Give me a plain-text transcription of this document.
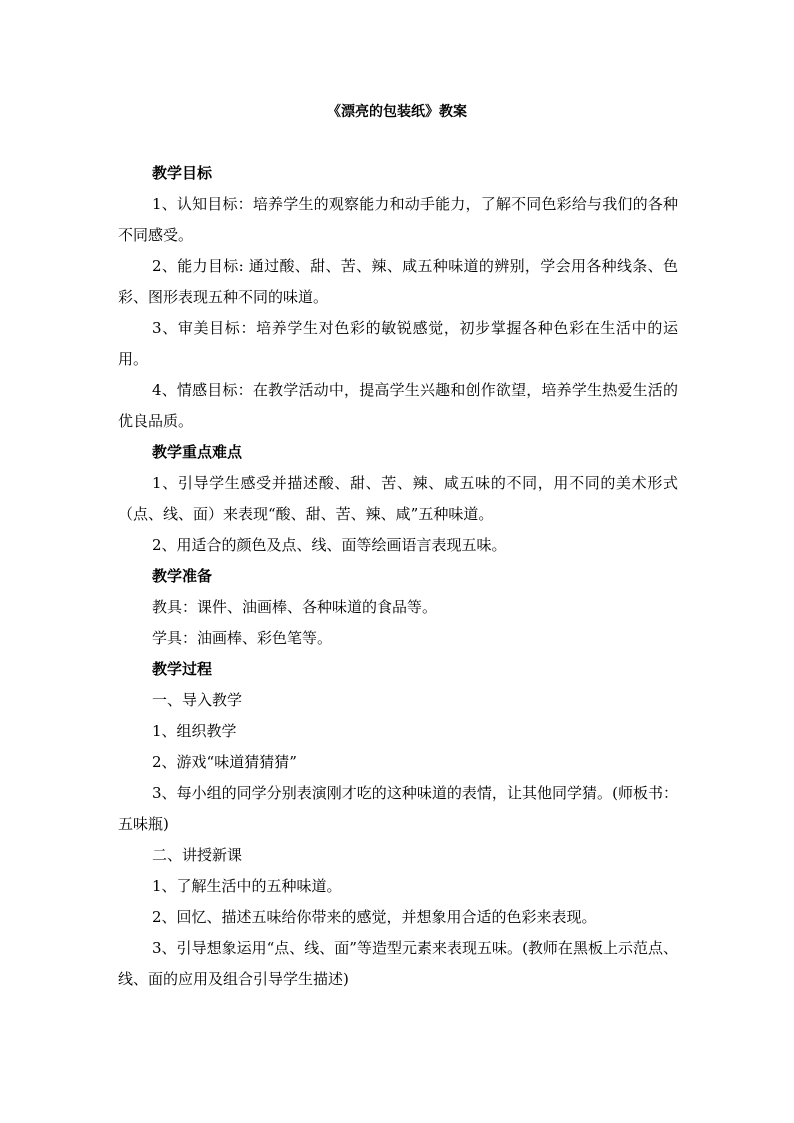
《漂亮的包装纸》教案

教学目标

1、认知目标：培养学生的观察能力和动手能力，了解不同色彩给与我们的各种不同感受。

2、能力目标: 通过酸、甜、苦、辣、咸五种味道的辨别，学会用各种线条、色彩、图形表现五种不同的味道。

3、审美目标：培养学生对色彩的敏锐感觉，初步掌握各种色彩在生活中的运用。

4、情感目标：在教学活动中，提高学生兴趣和创作欲望，培养学生热爱生活的优良品质。

教学重点难点

1、引导学生感受并描述酸、甜、苦、辣、咸五味的不同，用不同的美术形式（点、线、面）来表现“酸、甜、苦、辣、咸”五种味道。

2、用适合的颜色及点、线、面等绘画语言表现五味。

教学准备

教具：课件、油画棒、各种味道的食品等。

学具：油画棒、彩色笔等。

教学过程

一、导入教学

1、组织教学

2、游戏“味道猜猜猜”

3、每小组的同学分别表演刚才吃的这种味道的表情，让其他同学猜。(师板书：五味瓶)

二、讲授新课

1、了解生活中的五种味道。

2、回忆、描述五味给你带来的感觉，并想象用合适的色彩来表现。

3、引导想象运用“点、线、面”等造型元素来表现五味。(教师在黑板上示范点、线、面的应用及组合引导学生描述)
